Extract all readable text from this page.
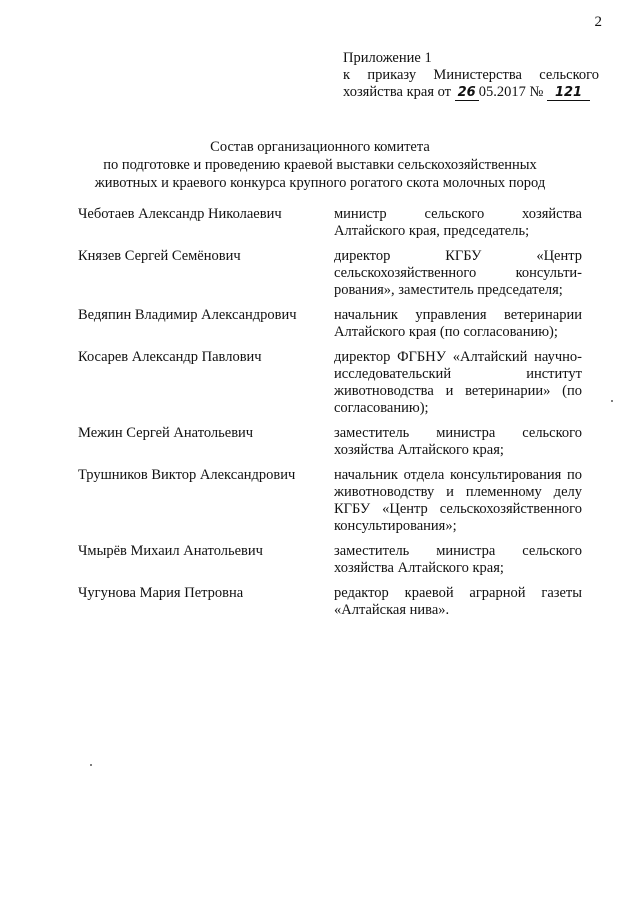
2
Приложение 1
к приказу Министерства сельского
хозяйства края от 26 05.2017 № 121
Состав организационного комитета
по подготовке и проведению краевой выставки сельскохозяйственных
животных и краевого конкурса крупного рогатого скота молочных пород
Чеботаев Александр Николаевич	министр сельского хозяйства Алтайского края, председатель;
Князев Сергей Семёнович	директор КГБУ «Центр сельскохозяйственного консульти-рования», заместитель председателя;
Ведяпин Владимир Александрович	начальник управления ветеринарии Алтайского края (по согласованию);
Косарев Александр Павлович	директор ФГБНУ «Алтайский научно-исследовательский институт животноводства и ветеринарии» (по согласованию);
Межин Сергей Анатольевич	заместитель министра сельского хозяйства Алтайского края;
Трушников Виктор Александрович	начальник отдела консультирования по животноводству и племенному делу КГБУ «Центр сельскохозяйственного консультирования»;
Чмырёв Михаил Анатольевич	заместитель министра сельского хозяйства Алтайского края;
Чугунова Мария Петровна	редактор краевой аграрной газеты «Алтайская нива».
